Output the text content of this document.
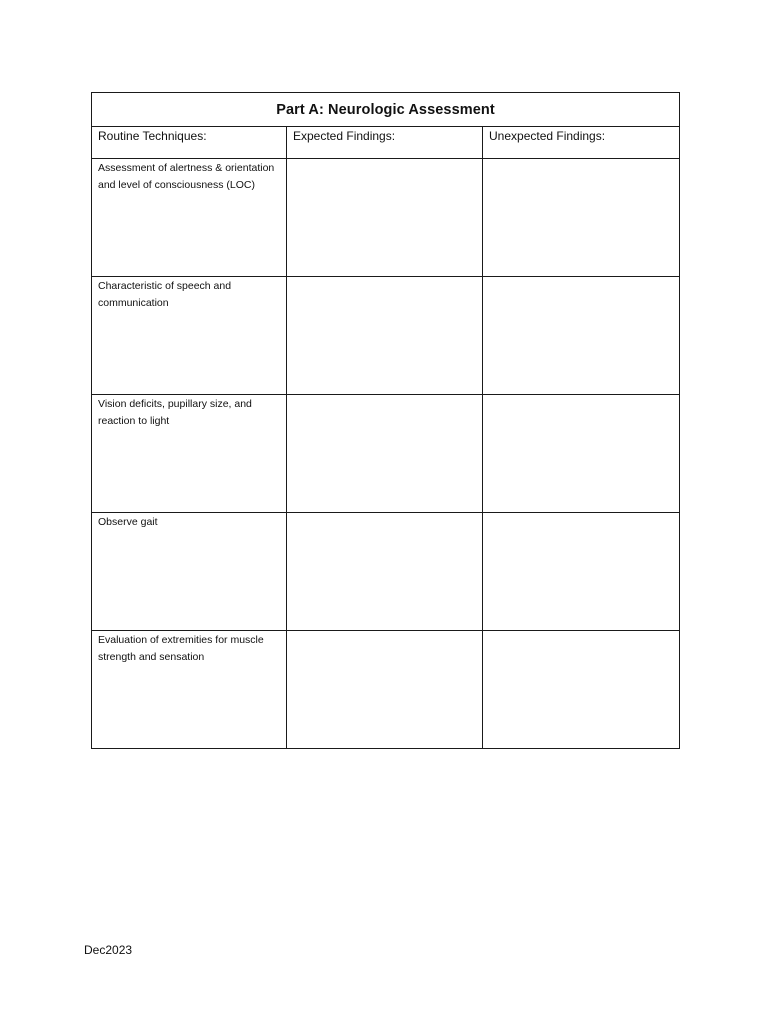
Part A: Neurologic Assessment		
Routine Techniques:	Expected Findings:	Unexpected Findings:
Assessment of alertness & orientation and level of consciousness (LOC)		
Characteristic of speech and communication		
Vision deficits, pupillary size, and reaction to light		
Observe gait		
Evaluation of extremities for muscle strength and sensation		
Dec2023
